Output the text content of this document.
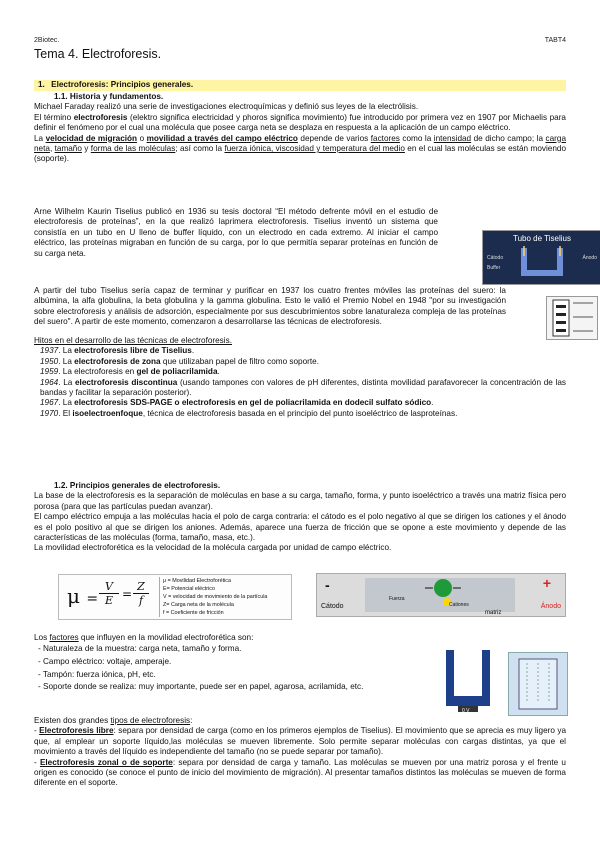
2Biotec.	TABT4
Tema 4. Electroforesis.
1. Electroforesis: Principios generales.
1.1. Historia y fundamentos.

Michael Faraday realizó una serie de investigaciones electroquímicas y definió sus leyes de la electrólisis.

El término electroforesis (elektro significa electricidad y phoros significa movimiento) fue introducido por primera vez en 1907 por Michaelis para definir el fenómeno por el cual una molécula que posee carga neta se desplaza en respuesta a la aplicación de un campo eléctrico.

La velocidad de migración o movilidad a través del campo eléctrico depende de varios factores como la intensidad de dicho campo; la carga neta, tamaño y forma de las moléculas; así como la fuerza iónica, viscosidad y temperatura del medio en el cual las moléculas se están moviendo (soporte).

Arne Wilhelm Kaurin Tiselius publicó en 1936 su tesis doctoral “El método defrente móvil en el estudio de electroforesis de proteínas”, en la que realizó laprimera electroforesis. Tiselius inventó un sistema que consistía en un tubo en U lleno de buffer líquido, con un electrodo en cada extremo. Al iniciar el campo eléctrico, las proteínas migraban en función de su carga, por lo que permitía separar proteínas en función de su carga neta.

Tubo de Tiselius
Cátodo	Ánodo
Buffer

A partir del tubo Tiselius sería capaz de terminar y purificar en 1937 los cuatro frentes móviles las proteínas del suero: la albúmina, la alfa globulina, la beta globulina y la gamma globulina. Esto le valió el Premio Nobel en 1948 "por su investigación sobre electroforesis y análisis de adsorción, especialmente por sus descubrimientos sobre lanaturaleza compleja de las proteínas del suero". A partir de este momento, comenzaron a desarrollarse las técnicas de electroforesis.

Hitos en el desarrollo de las técnicas de electroforesis.

1937. La electroforesis libre de Tiselius.

1950. La electroforesis de zona que utilizaban papel de filtro como soporte.

1959. La electroforesis en gel de poliacrilamida.

1964. La electroforesis discontinua (usando tampones con valores de pH diferentes, distinta movilidad parafavorecer la concentración de las bandas y facilitar la separación posterior).

1967. La electroforesis SDS-PAGE o electroforesis en gel de poliacrilamida en dodecil sulfato sódico.

1970. El isoelectroenfoque, técnica de electroforesis basada en el principio del punto isoeléctrico de lasproteínas.

1.2. Principios generales de electroforesis.

La base de la electroforesis es la separación de moléculas en base a su carga, tamaño, forma, y punto isoeléctrico a través una matriz física pero porosa (para que las partículas puedan avanzar).

El campo eléctrico empuja a las moléculas hacia el polo de carga contraria: el cátodo es el polo negativo al que se dirigen los cationes y el ánodo es el polo positivo al que se dirigen los aniones. Además, aparece una fuerza de fricción que se opone a este movimiento y depende de las características de las moléculas (forma, tamaño, masa, etc.).

La movilidad electroforética es la velocidad de la molécula cargada por unidad de campo eléctrico.

μ =
V
E =
Z
f
μ = Movilidad Electroforética
E= Potencial eléctrico
V = velocidad de movimiento de la partícula
Z= Carga neta de la molécula
f = Coeficiente de fricción
-
Cátodo
+
Ánodo
Fuerza
Cationes
matriz

Los factores que influyen en la movilidad electroforética son:

- Naturaleza de la muestra: carga neta, tamaño y forma.
- Campo eléctrico: voltaje, amperaje.
- Tampón: fuerza iónica, pH, etc.
- Soporte donde se realiza: muy importante, puede ser en papel, agarosa, acrilamida, etc.
0 V

Existen dos grandes tipos de electroforesis:

- Electroforesis libre: separa por densidad de carga (como en los primeros ejemplos de Tiselius). El movimiento que se aprecia es muy ligero ya que, al emplear un soporte líquido,las moléculas se mueven libremente. Solo permite separar moléculas con cargas distintas, ya que el movimiento a través del líquido es independiente del tamaño (no se puede separar por tamaño).

- Electroforesis zonal o de soporte: separa por densidad de carga y tamaño. Las moléculas se mueven por una matriz porosa y el frente u origen es conocido (se conoce el punto de inicio del movimiento de migración). Al presentar tamaños distintos las moléculas se mueven de forma diferente en el soporte.
